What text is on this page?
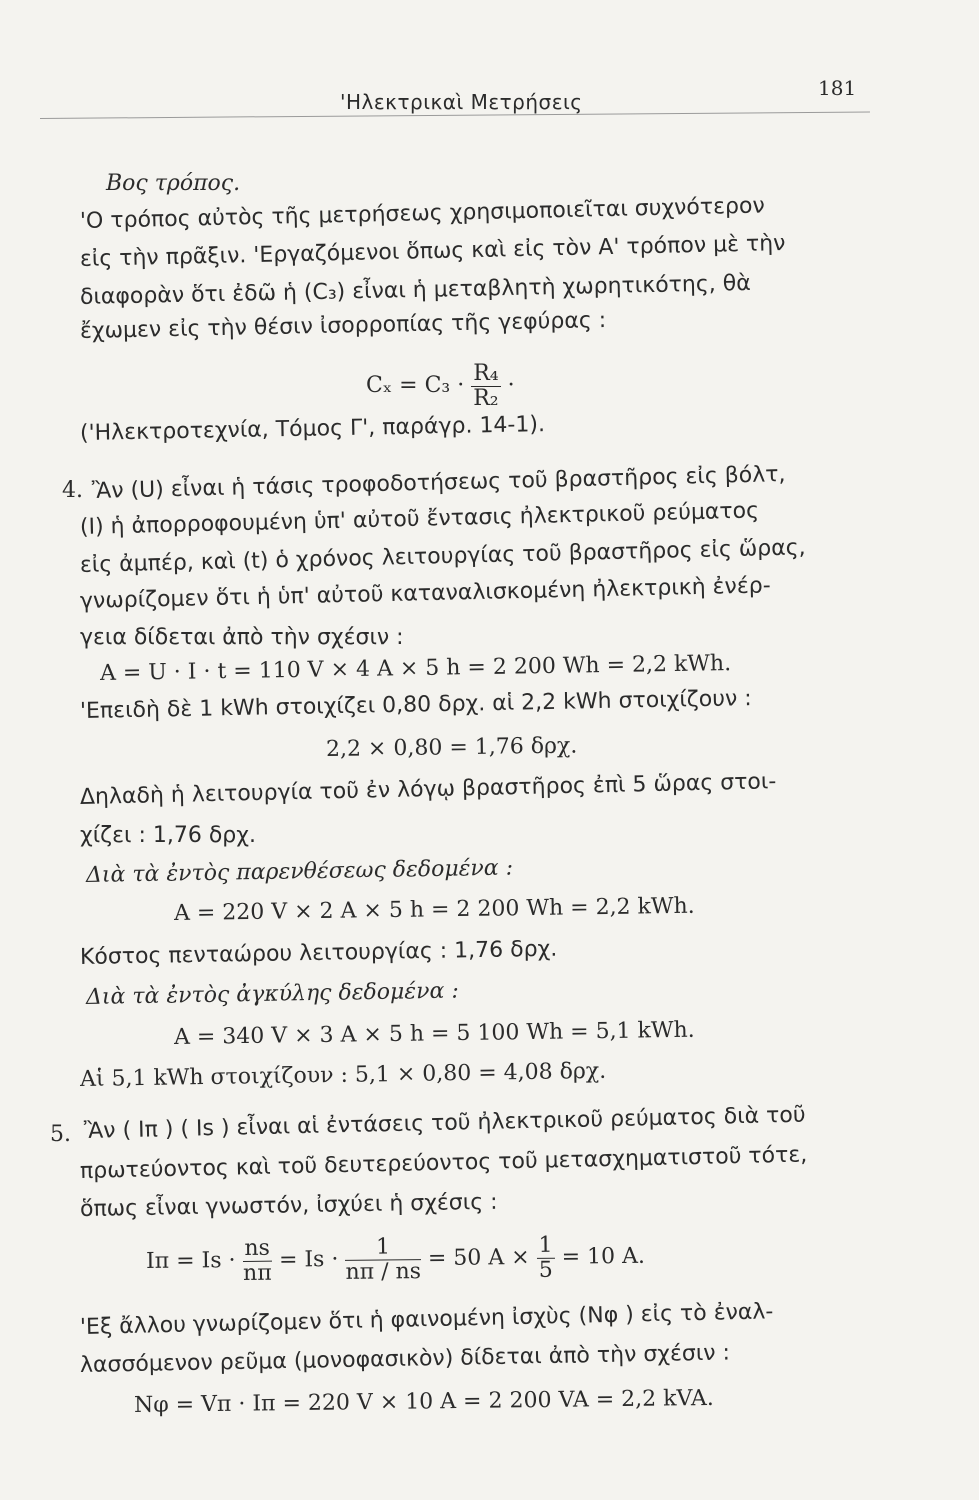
'Ηλεκτρικαὶ Μετρήσεις
181
Βος τρόπος.
'Ο τρόπος αὐτὸς τῆς μετρήσεως χρησιμοποιεῖται συχνότερον
εἰς τὴν πρᾶξιν. 'Εργαζόμενοι ὅπως καὶ εἰς τὸν Α' τρόπον μὲ τὴν
διαφορὰν ὅτι ἐδῶ ἡ (C₃) εἶναι ἡ μεταβλητὴ χωρητικότης, θὰ
ἔχωμεν εἰς τὴν θέσιν ἰσορροπίας τῆς γεφύρας :
$C_x = C_3 \cdot \frac{\text{R₄}}{\text{R₂}}$ ·
('Ηλεκτροτεχνία, Τόμος Γ', παράγρ. 14-1).
4. Ἂν (U) εἶναι ἡ τάσις τροφοδοτήσεως τοῦ βραστῆρος εἰς βόλτ,
(I) ἡ ἀπορροφουμένη ὑπ' αὐτοῦ ἔντασις ἠλεκτρικοῦ ρεύματος
εἰς ἀμπέρ, καὶ (t) ὁ χρόνος λειτουργίας τοῦ βραστῆρος εἰς ὥρας,
γνωρίζομεν ὅτι ἡ ὑπ' αὐτοῦ καταναλισκομένη ἠλεκτρικὴ ἐνέρ-
γεια δίδεται ἀπὸ τὴν σχέσιν :
A = U · I · t = 110 V × 4 A × 5 h = 2 200 Wh = 2,2 kWh.
'Επειδὴ δὲ 1 kWh στοιχίζει 0,80 δρχ. αἱ 2,2 kWh στοιχίζουν :
2,2 × 0,80 = 1,76 δρχ.
Δηλαδὴ ἡ λειτουργία τοῦ ἐν λόγῳ βραστῆρος ἐπὶ 5 ὥρας στοι-
χίζει : 1,76 δρχ.
Διὰ τὰ ἐντὸς παρενθέσεως δεδομένα :
A = 220 V × 2 A × 5 h = 2 200 Wh = 2,2 kWh.
Κόστος πενταώρου λειτουργίας : 1,76 δρχ.
Διὰ τὰ ἐντὸς ἀγκύλης δεδομένα :
A = 340 V × 3 A × 5 h = 5 100 Wh = 5,1 kWh.
Αἱ 5,1 kWh στοιχίζουν : 5,1 × 0,80 = 4,08 δρχ.
5. Ἂν ( Iπ ) ( Is ) εἶναι αἱ ἐντάσεις τοῦ ἠλεκτρικοῦ ρεύματος διὰ τοῦ
πρωτεύοντος καὶ τοῦ δευτερεύοντος τοῦ μετασχηματιστοῦ τότε,
ὅπως εἶναι γνωστόν, ἰσχύει ἡ σχέσις :
$I\pi = Is \cdot \frac{ns}{n\pi} = Is \cdot \frac{1}{n\pi / ns} = 50$ $A \times \frac{1}{5} = 10$ A.
'Εξ ἄλλου γνωρίζομεν ὅτι ἡ φαινομένη ἰσχὺς (Nφ ) εἰς τὸ ἐναλ-
λασσόμενον ρεῦμα (μονοφασικὸν) δίδεται ἀπὸ τὴν σχέσιν :
Nφ = Vπ · Iπ = 220 V × 10 A = 2 200 VA = 2,2 kVA.
